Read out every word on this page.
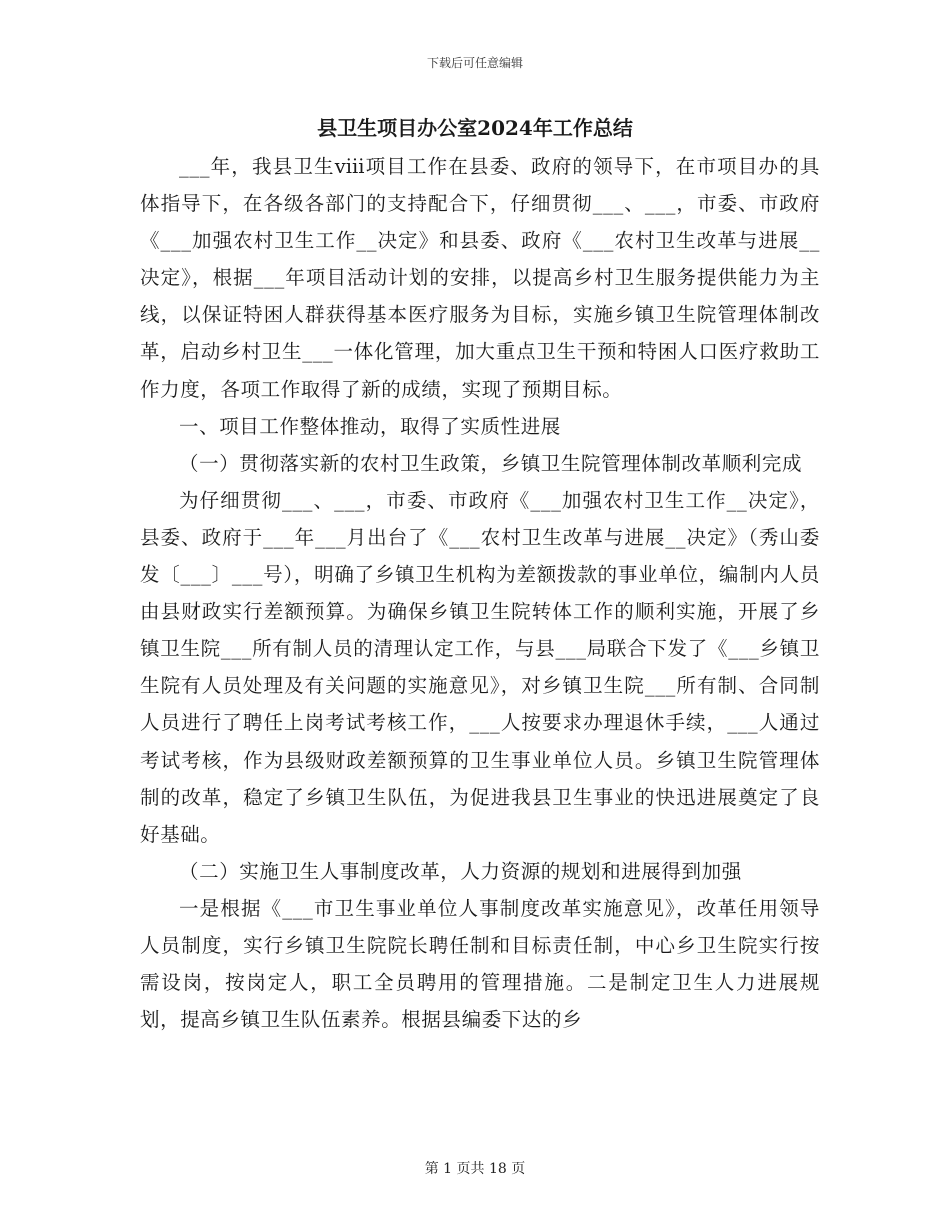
下载后可任意编辑
县卫生项目办公室2024年工作总结

___年，我县卫生ⅷ项目工作在县委、政府的领导下，在市项目办的具体指导下，在各级各部门的支持配合下，仔细贯彻___、___，市委、市政府《___加强农村卫生工作__决定》和县委、政府《___农村卫生改革与进展__决定》，根据___年项目活动计划的安排，以提高乡村卫生服务提供能力为主线，以保证特困人群获得基本医疗服务为目标，实施乡镇卫生院管理体制改革，启动乡村卫生___一体化管理，加大重点卫生干预和特困人口医疗救助工作力度，各项工作取得了新的成绩，实现了预期目标。

一、项目工作整体推动，取得了实质性进展

（一）贯彻落实新的农村卫生政策，乡镇卫生院管理体制改革顺利完成

为仔细贯彻___、___，市委、市政府《___加强农村卫生工作__决定》，县委、政府于___年___月出台了《___农村卫生改革与进展__决定》（秀山委发〔___〕___号），明确了乡镇卫生机构为差额拨款的事业单位，编制内人员由县财政实行差额预算。为确保乡镇卫生院转体工作的顺利实施，开展了乡镇卫生院___所有制人员的清理认定工作，与县___局联合下发了《___乡镇卫生院有人员处理及有关问题的实施意见》，对乡镇卫生院___所有制、合同制人员进行了聘任上岗考试考核工作，___人按要求办理退休手续，___人通过考试考核，作为县级财政差额预算的卫生事业单位人员。乡镇卫生院管理体制的改革，稳定了乡镇卫生队伍，为促进我县卫生事业的快迅进展奠定了良好基础。

（二）实施卫生人事制度改革，人力资源的规划和进展得到加强

一是根据《___市卫生事业单位人事制度改革实施意见》，改革任用领导人员制度，实行乡镇卫生院院长聘任制和目标责任制，中心乡卫生院实行按需设岗，按岗定人，职工全员聘用的管理措施。二是制定卫生人力进展规划，提高乡镇卫生队伍素养。根据县编委下达的乡

第 1 页共 18 页
